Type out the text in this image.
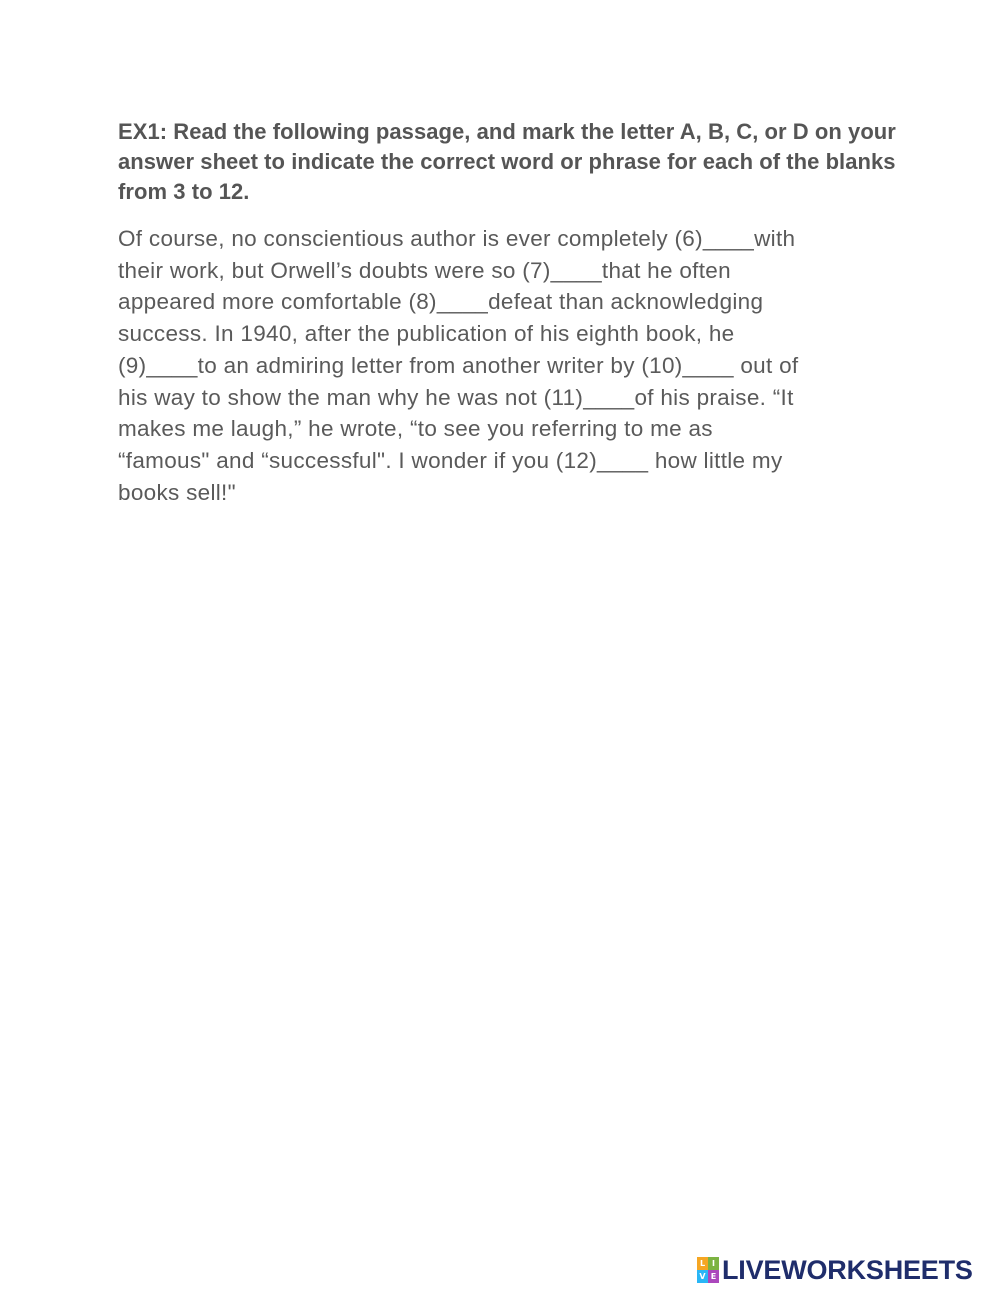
EX1: Read the following passage, and mark the letter A, B, C, or D on your answer sheet to indicate the correct word or phrase for each of the blanks from 3 to 12.

Of course, no conscientious author is ever completely (6)____with
their work, but Orwell’s doubts were so (7)____that he often
appeared more comfortable (8)____defeat than acknowledging
success. In 1940, after the publication of his eighth book, he
(9)____to an admiring letter from another writer by (10)____ out of
his way to show the man why he was not (11)____of his praise. “It
makes me laugh,” he wrote, “to see you referring to me as
“famous" and “successful". I wonder if you (12)____ how little my
books sell!"

L I
V E LIVEWORKSHEETS
